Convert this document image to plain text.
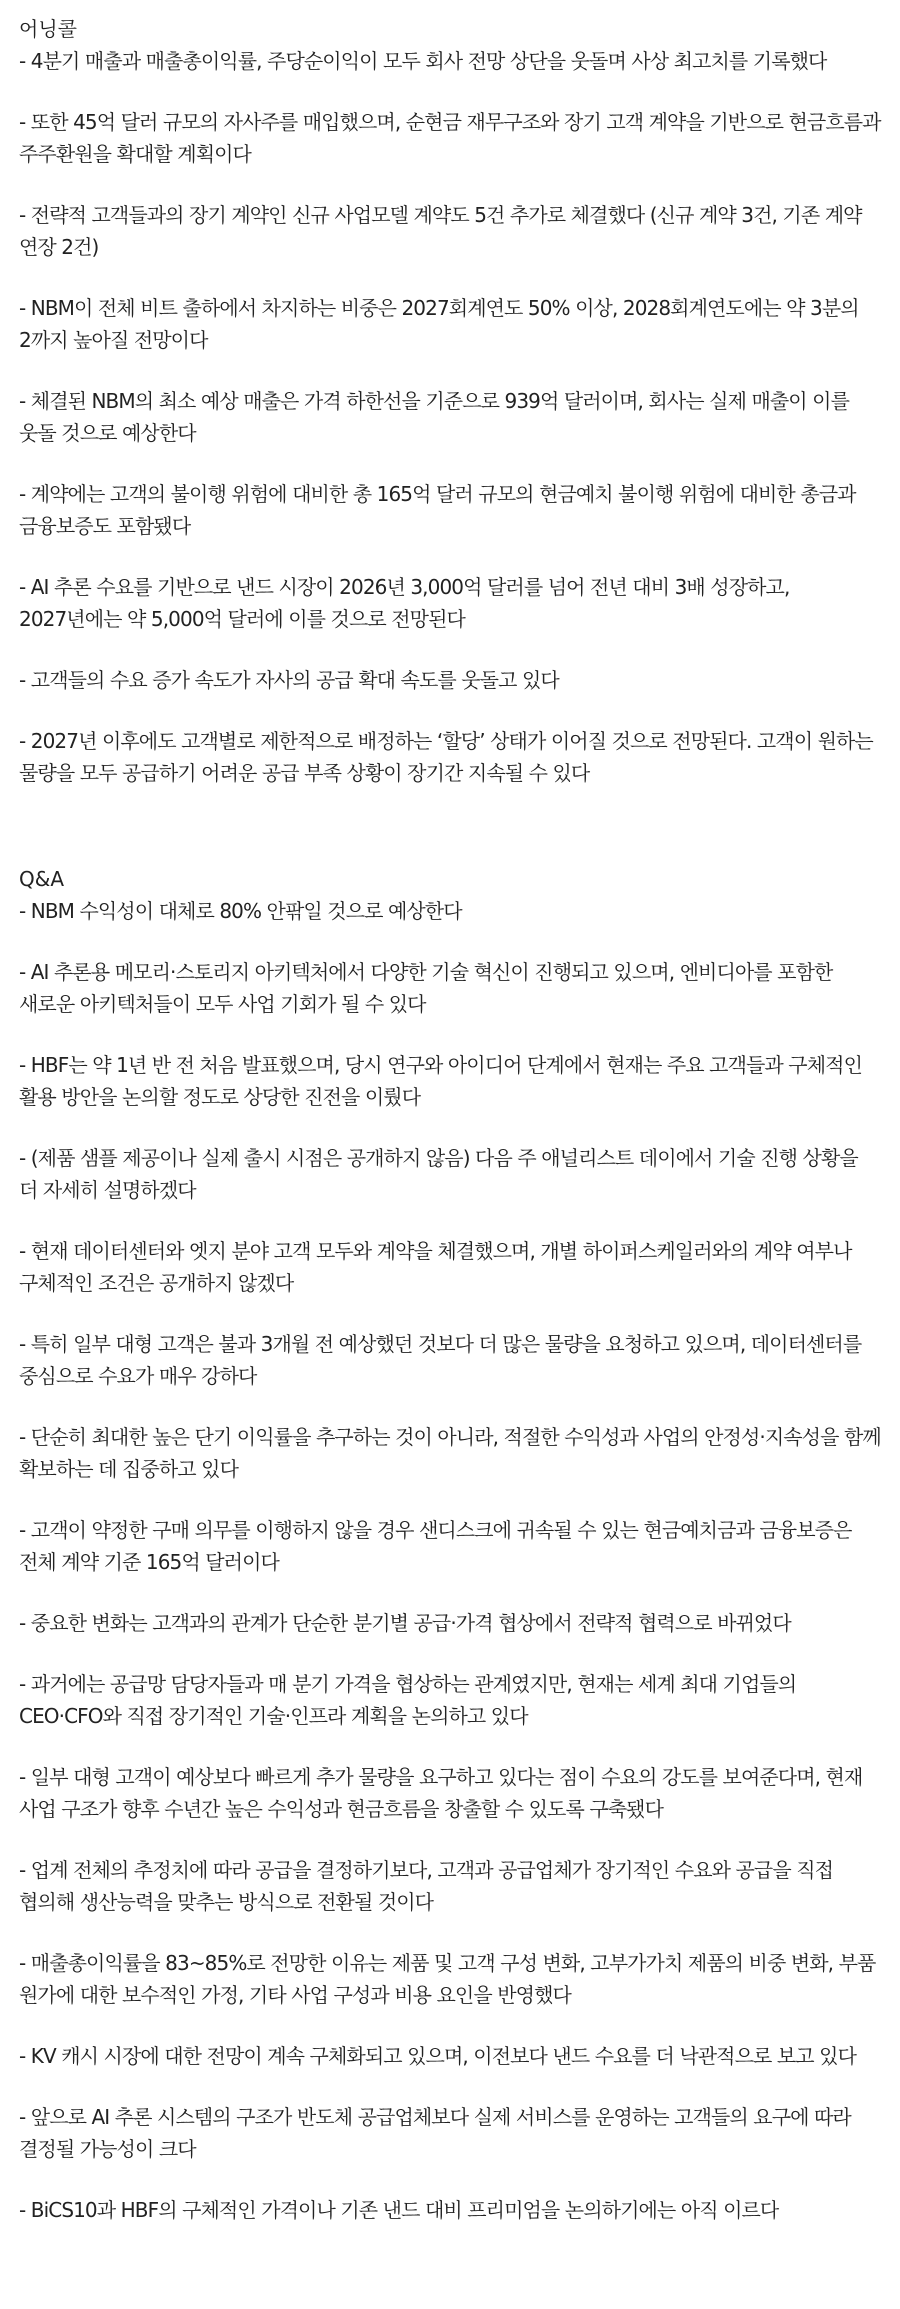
어닝콜
- 4분기 매출과 매출총이익률, 주당순이익이 모두 회사 전망 상단을 웃돌며 사상 최고치를 기록했다
- 또한 45억 달러 규모의 자사주를 매입했으며, 순현금 재무구조와 장기 고객 계약을 기반으로 현금흐름과 주주환원을 확대할 계획이다
- 전략적 고객들과의 장기 계약인 신규 사업모델 계약도 5건 추가로 체결했다 (신규 계약 3건, 기존 계약 연장 2건)
- NBM이 전체 비트 출하에서 차지하는 비중은 2027회계연도 50% 이상, 2028회계연도에는 약 3분의 2까지 높아질 전망이다
- 체결된 NBM의 최소 예상 매출은 가격 하한선을 기준으로 939억 달러이며, 회사는 실제 매출이 이를 웃돌 것으로 예상한다
- 계약에는 고객의 불이행 위험에 대비한 총 165억 달러 규모의 현금예치 불이행 위험에 대비한 총금과 금융보증도 포함됐다
- AI 추론 수요를 기반으로 낸드 시장이 2026년 3,000억 달러를 넘어 전년 대비 3배 성장하고, 2027년에는 약 5,000억 달러에 이를 것으로 전망된다
- 고객들의 수요 증가 속도가 자사의 공급 확대 속도를 웃돌고 있다
- 2027년 이후에도 고객별로 제한적으로 배정하는 ‘할당’ 상태가 이어질 것으로 전망된다. 고객이 원하는 물량을 모두 공급하기 어려운 공급 부족 상황이 장기간 지속될 수 있다
Q&A
- NBM 수익성이 대체로 80% 안팎일 것으로 예상한다
- AI 추론용 메모리·스토리지 아키텍처에서 다양한 기술 혁신이 진행되고 있으며, 엔비디아를 포함한 새로운 아키텍처들이 모두 사업 기회가 될 수 있다
- HBF는 약 1년 반 전 처음 발표했으며, 당시 연구와 아이디어 단계에서 현재는 주요 고객들과 구체적인 활용 방안을 논의할 정도로 상당한 진전을 이뤘다
- (제품 샘플 제공이나 실제 출시 시점은 공개하지 않음) 다음 주 애널리스트 데이에서 기술 진행 상황을 더 자세히 설명하겠다
- 현재 데이터센터와 엣지 분야 고객 모두와 계약을 체결했으며, 개별 하이퍼스케일러와의 계약 여부나 구체적인 조건은 공개하지 않겠다
- 특히 일부 대형 고객은 불과 3개월 전 예상했던 것보다 더 많은 물량을 요청하고 있으며, 데이터센터를 중심으로 수요가 매우 강하다
- 단순히 최대한 높은 단기 이익률을 추구하는 것이 아니라, 적절한 수익성과 사업의 안정성·지속성을 함께 확보하는 데 집중하고 있다
- 고객이 약정한 구매 의무를 이행하지 않을 경우 샌디스크에 귀속될 수 있는 현금예치금과 금융보증은 전체 계약 기준 165억 달러이다
- 중요한 변화는 고객과의 관계가 단순한 분기별 공급·가격 협상에서 전략적 협력으로 바뀌었다
- 과거에는 공급망 담당자들과 매 분기 가격을 협상하는 관계였지만, 현재는 세계 최대 기업들의 CEO·CFO와 직접 장기적인 기술·인프라 계획을 논의하고 있다
- 일부 대형 고객이 예상보다 빠르게 추가 물량을 요구하고 있다는 점이 수요의 강도를 보여준다며, 현재 사업 구조가 향후 수년간 높은 수익성과 현금흐름을 창출할 수 있도록 구축됐다
- 업계 전체의 추정치에 따라 공급을 결정하기보다, 고객과 공급업체가 장기적인 수요와 공급을 직접 협의해 생산능력을 맞추는 방식으로 전환될 것이다
- 매출총이익률을 83~85%로 전망한 이유는 제품 및 고객 구성 변화, 고부가가치 제품의 비중 변화, 부품 원가에 대한 보수적인 가정, 기타 사업 구성과 비용 요인을 반영했다
- KV 캐시 시장에 대한 전망이 계속 구체화되고 있으며, 이전보다 낸드 수요를 더 낙관적으로 보고 있다
- 앞으로 AI 추론 시스템의 구조가 반도체 공급업체보다 실제 서비스를 운영하는 고객들의 요구에 따라 결정될 가능성이 크다
- BiCS10과 HBF의 구체적인 가격이나 기존 낸드 대비 프리미엄을 논의하기에는 아직 이르다
